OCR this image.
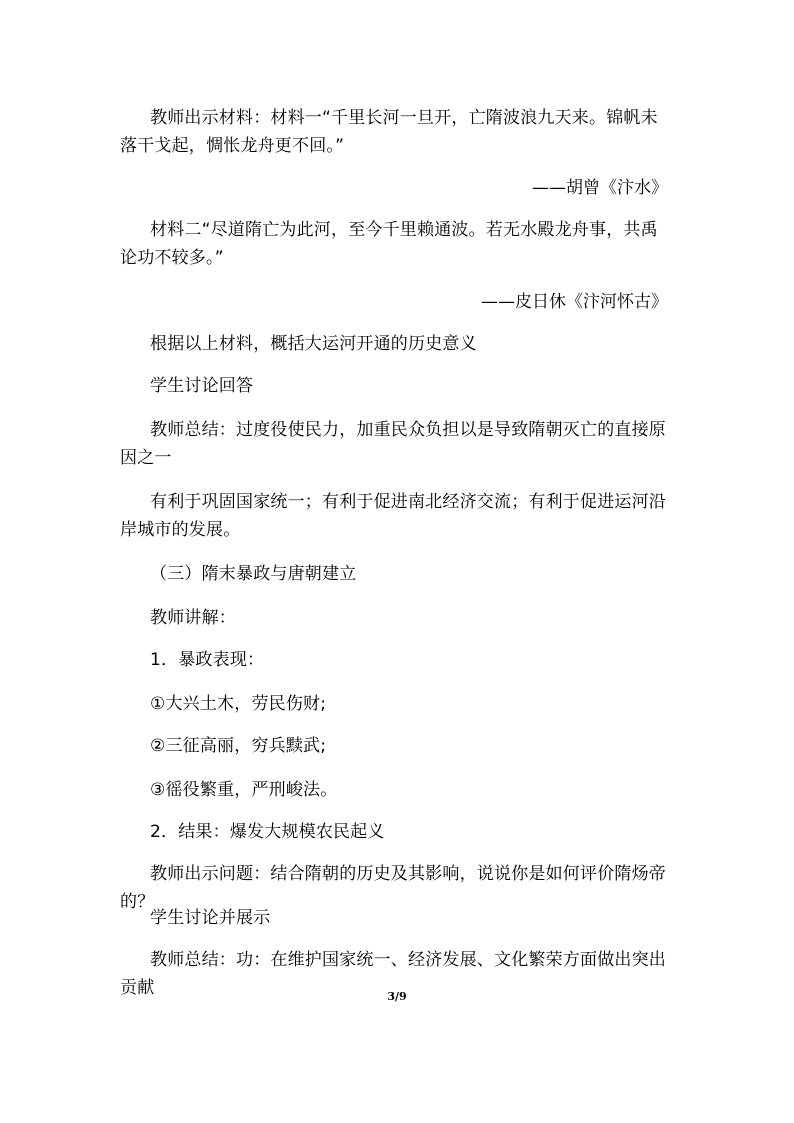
教师出示材料：材料一“千里长河一旦开，亡隋波浪九天来。锦帆未落干戈起，惆怅龙舟更不回。”
——胡曾《汴水》
材料二“尽道隋亡为此河，至今千里赖通波。若无水殿龙舟事，共禹论功不较多。”
——皮日休《汴河怀古》
根据以上材料，概括大运河开通的历史意义
学生讨论回答
教师总结：过度役使民力，加重民众负担以是导致隋朝灭亡的直接原因之一
有利于巩固国家统一；有利于促进南北经济交流；有利于促进运河沿岸城市的发展。
（三）隋末暴政与唐朝建立
教师讲解：
1．暴政表现：
①大兴土木，劳民伤财;
②三征高丽，穷兵黩武;
③徭役繁重，严刑峻法。
2．结果：爆发大规模农民起义
教师出示问题：结合隋朝的历史及其影响，说说你是如何评价隋炀帝的？
学生讨论并展示
教师总结：功：在维护国家统一、经济发展、文化繁荣方面做出突出贡献	3/9
